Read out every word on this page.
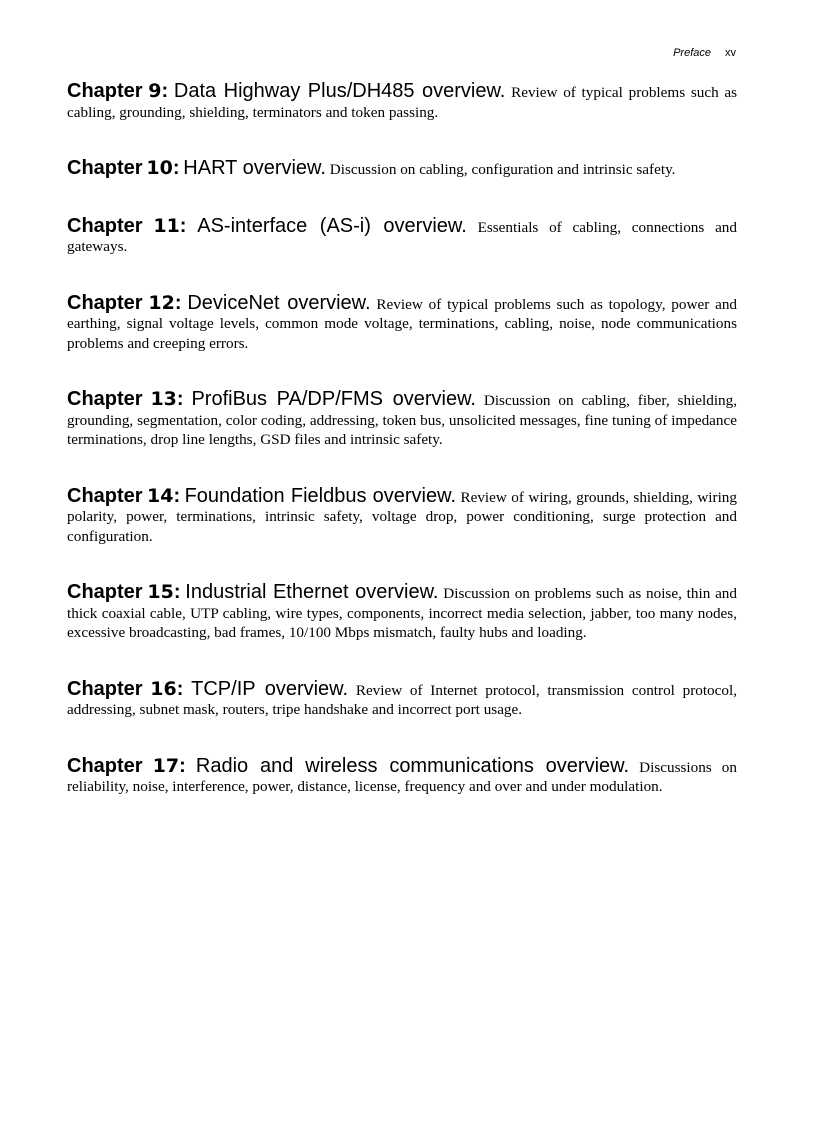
Preface xv

Chapter 9: Data Highway Plus/DH485 overview. Review of typical problems such as cabling, grounding, shielding, terminators and token passing.

Chapter 10: HART overview. Discussion on cabling, configuration and intrinsic safety.

Chapter 11: AS-interface (AS-i) overview. Essentials of cabling, connections and gateways.

Chapter 12: DeviceNet overview. Review of typical problems such as topology, power and earthing, signal voltage levels, common mode voltage, terminations, cabling, noise, node communications problems and creeping errors.

Chapter 13: ProfiBus PA/DP/FMS overview. Discussion on cabling, fiber, shielding, grounding, segmentation, color coding, addressing, token bus, unsolicited messages, fine tuning of impedance terminations, drop line lengths, GSD files and intrinsic safety.

Chapter 14: Foundation Fieldbus overview. Review of wiring, grounds, shielding, wiring polarity, power, terminations, intrinsic safety, voltage drop, power conditioning, surge protection and configuration.

Chapter 15: Industrial Ethernet overview. Discussion on problems such as noise, thin and thick coaxial cable, UTP cabling, wire types, components, incorrect media selection, jabber, too many nodes, excessive broadcasting, bad frames, 10/100 Mbps mismatch, faulty hubs and loading.

Chapter 16: TCP/IP overview. Review of Internet protocol, transmission control protocol, addressing, subnet mask, routers, tripe handshake and incorrect port usage.

Chapter 17: Radio and wireless communications overview. Discussions on reliability, noise, interference, power, distance, license, frequency and over and under modulation.
